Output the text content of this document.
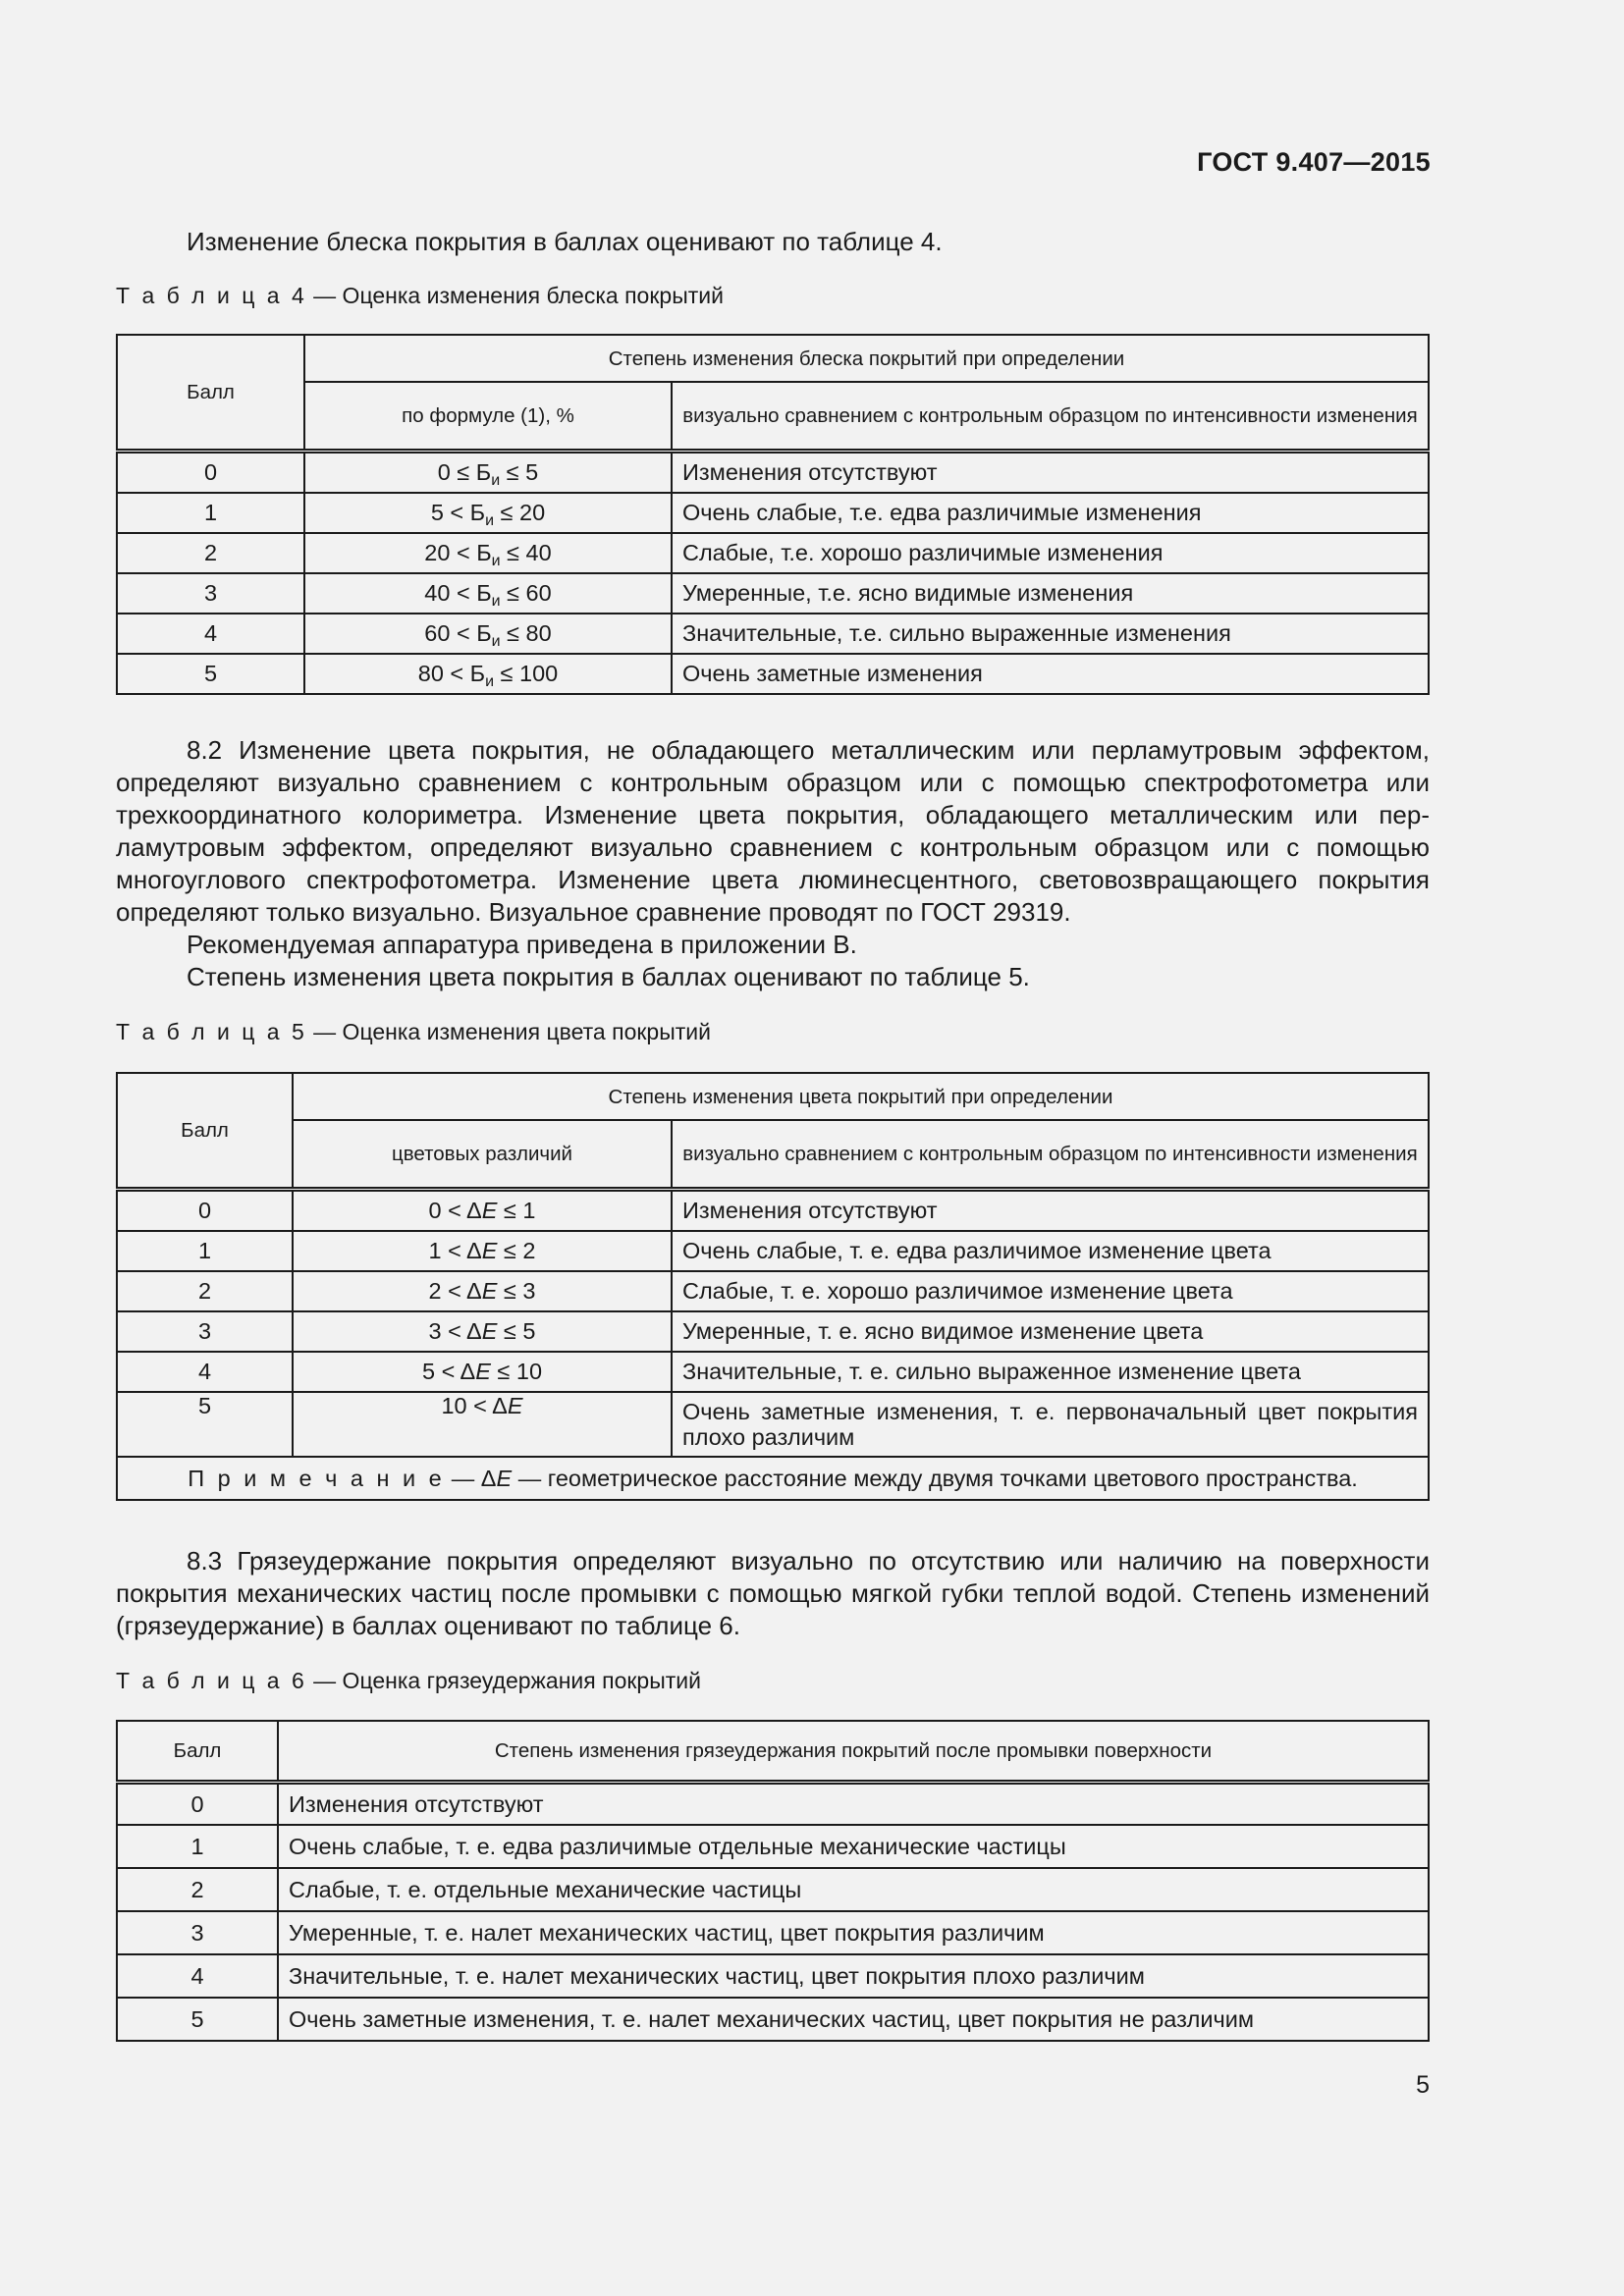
ГОСТ 9.407—2015
Изменение блеска покрытия в баллах оценивают по таблице 4.
Т а б л и ц а 4 — Оценка изменения блеска покрытий
Балл	Степень изменения блеска покрытий при определении	
	по формуле (1), %	визуально сравнением с контрольным образцом по интенсивности изменения
0	$0 \le Б_и \le 5$	Изменения отсутствуют
1	$5 < Б_и \le 20$	Очень слабые, т.е. едва различимые изменения
2	$20 < Б_и \le 40$	Слабые, т.е. хорошо различимые изменения
3	$40 < Б_и \le 60$	Умеренные, т.е. ясно видимые изменения
4	$60 < Б_и \le 80$	Значительные, т.е. сильно выраженные изменения
5	$80 < Б_и \le 100$	Очень заметные изменения
8.2 Изменение цвета покрытия, не обладающего металлическим или перламутровым эффектом, определяют визуально сравнением с контрольным образцом или с помощью спектрофотометра или трехкоординатного колориметра. Изменение цвета покрытия, обладающего металлическим или перламутровым эффектом, определяют визуально сравнением с контрольным образцом или с помощью многоуглового спектрофотометра. Изменение цвета люминесцентного, световозвращающего покрытия определяют только визуально. Визуальное сравнение проводят по ГОСТ 29319.
Рекомендуемая аппаратура приведена в приложении В.
Степень изменения цвета покрытия в баллах оценивают по таблице 5.
Т а б л и ц а 5 — Оценка изменения цвета покрытий
Балл	Степень изменения цвета покрытий при определении	
	цветовых различий	визуально сравнением с контрольным образцом по интенсивности изменения
0	0 < ΔE ≤ 1	Изменения отсутствуют
1	1 < ΔE ≤ 2	Очень слабые, т. е. едва различимое изменение цвета
2	2 < ΔE ≤ 3	Слабые, т. е. хорошо различимое изменение цвета
3	3 < ΔE ≤ 5	Умеренные, т. е. ясно видимое изменение цвета
4	5 < ΔE ≤ 10	Значительные, т. е. сильно выраженное изменение цвета
5	10 < ΔE	Очень заметные изменения, т. е. первоначальный цвет покрытия плохо различим
П р и м е ч а н и е — ΔE — геометрическое расстояние между двумя точками цветового пространства.		
8.3 Грязеудержание покрытия определяют визуально по отсутствию или наличию на поверхности покрытия механических частиц после промывки с помощью мягкой губки теплой водой. Степень изменений (грязеудержание) в баллах оценивают по таблице 6.
Т а б л и ц а 6 — Оценка грязеудержания покрытий
Балл	Степень изменения грязеудержания покрытий после промывки поверхности
0	Изменения отсутствуют
1	Очень слабые, т. е. едва различимые отдельные механические частицы
2	Слабые, т. е. отдельные механические частицы
3	Умеренные, т. е. налет механических частиц, цвет покрытия различим
4	Значительные, т. е. налет механических частиц, цвет покрытия плохо различим
5	Очень заметные изменения, т. е. налет механических частиц, цвет покрытия не различим
5
